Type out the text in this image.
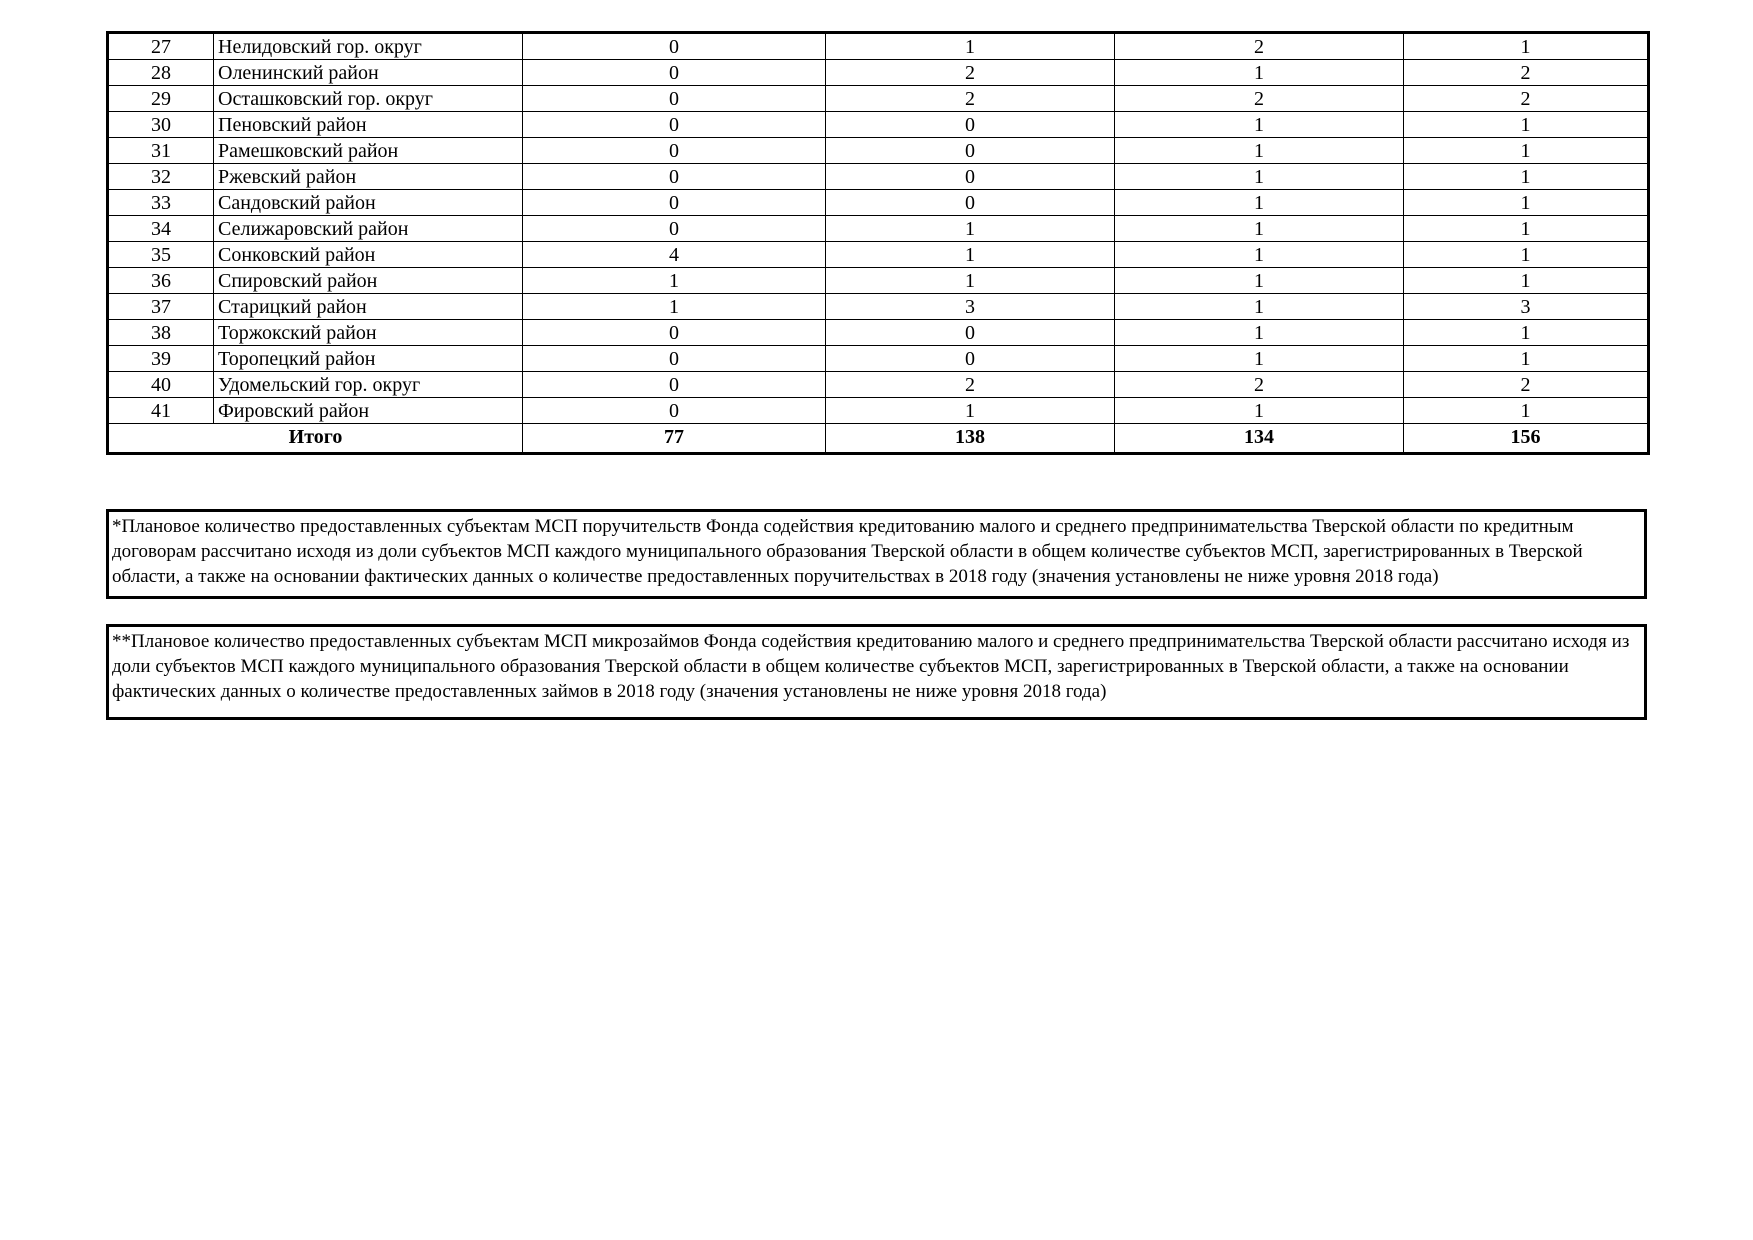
27	Нелидовский гор. округ	0	1	2	1
28	Оленинский район	0	2	1	2
29	Осташковский гор. округ	0	2	2	2
30	Пеновский район	0	0	1	1
31	Рамешковский район	0	0	1	1
32	Ржевский район	0	0	1	1
33	Сандовский район	0	0	1	1
34	Селижаровский район	0	1	1	1
35	Сонковский район	4	1	1	1
36	Спировский район	1	1	1	1
37	Старицкий район	1	3	1	3
38	Торжокский район	0	0	1	1
39	Торопецкий район	0	0	1	1
40	Удомельский гор. округ	0	2	2	2
41	Фировский район	0	1	1	1
Итого		77	138	134	156
*Плановое количество предоставленных субъектам МСП поручительств Фонда содействия кредитованию малого и среднего предпринимательства Тверской области по кредитным договорам рассчитано исходя из доли субъектов МСП каждого муниципального образования Тверской области в общем количестве субъектов МСП, зарегистрированных в Тверской области, а также на основании фактических данных о количестве предоставленных поручительствах в 2018 году (значения установлены не ниже уровня 2018 года)
**Плановое количество предоставленных субъектам МСП микрозаймов Фонда содействия кредитованию малого и среднего предпринимательства Тверской области рассчитано исходя из доли субъектов МСП каждого муниципального образования Тверской области в общем количестве субъектов МСП, зарегистрированных в Тверской области, а также на основании фактических данных о количестве предоставленных займов в 2018 году (значения установлены не ниже уровня 2018 года)
